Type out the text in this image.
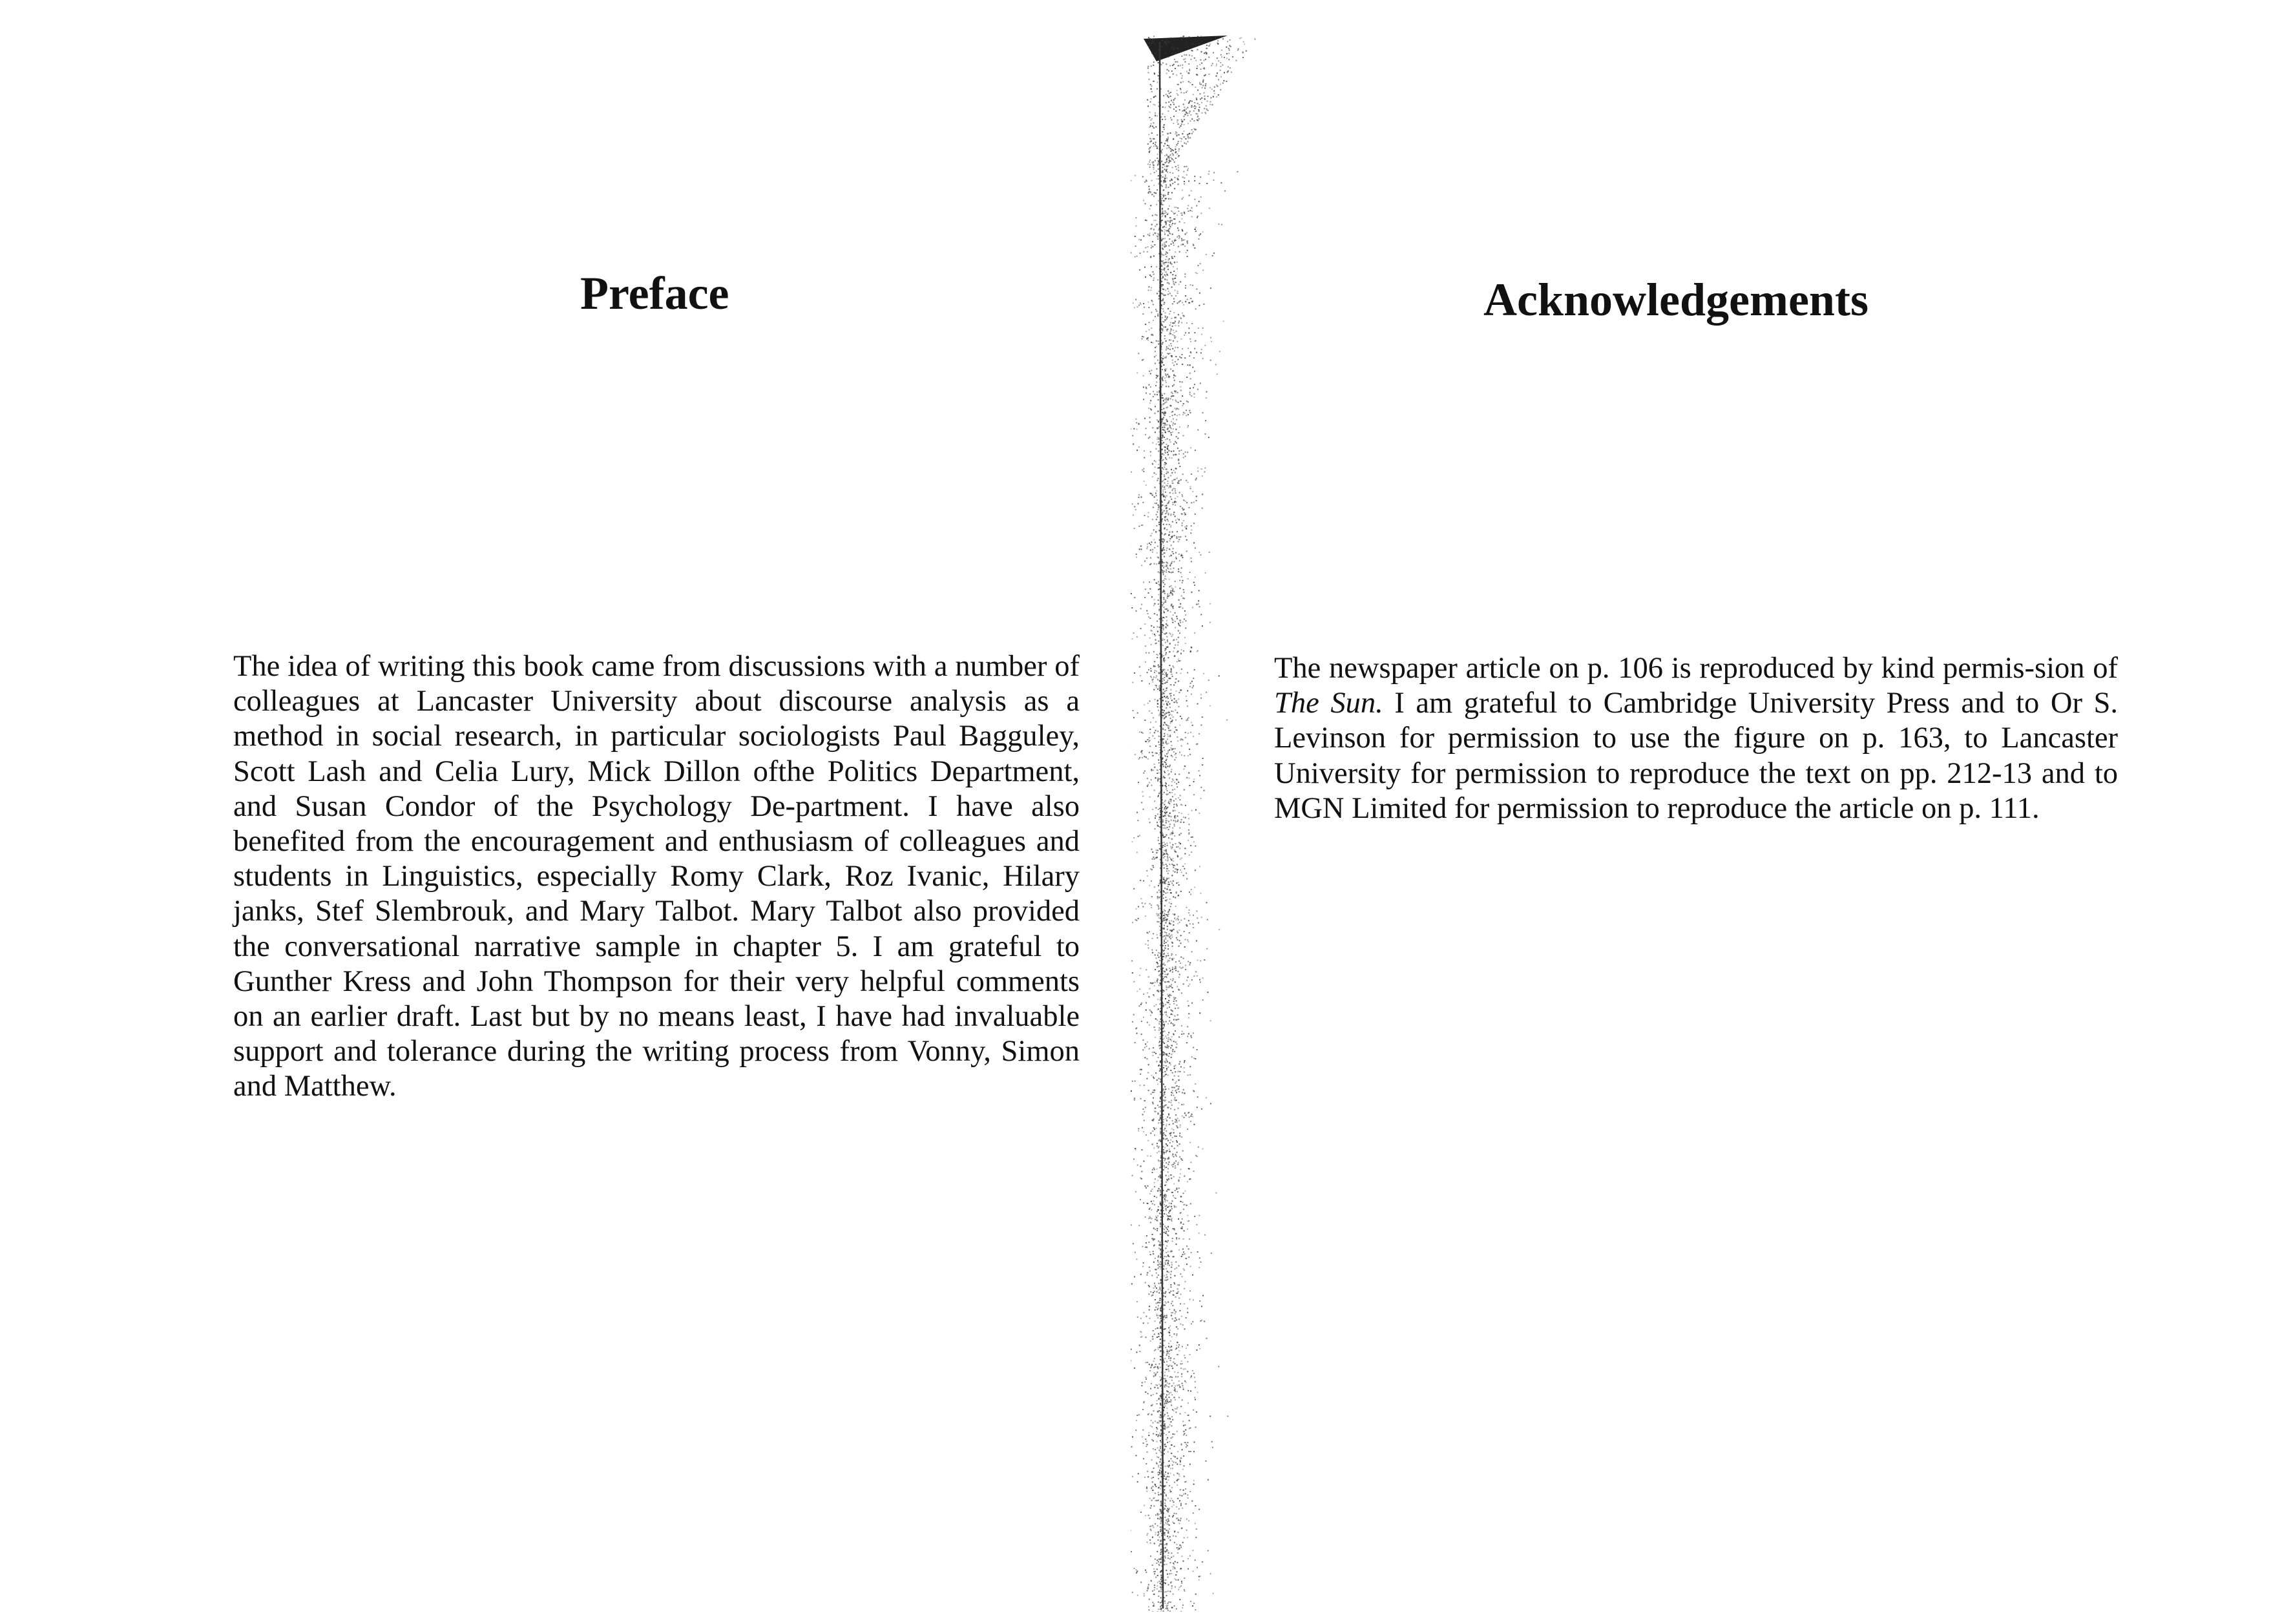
Preface
The idea of writing this book came from discussions with a number of colleagues at Lancaster University about discourse analysis as a method in social research, in particular sociologists Paul Bagguley, Scott Lash and Celia Lury, Mick Dillon ofthe Politics Department, and Susan Condor of the Psychology De-partment. I have also benefited from the encouragement and enthusiasm of colleagues and students in Linguistics, especially Romy Clark, Roz Ivanic, Hilary janks, Stef Slembrouk, and Mary Talbot. Mary Talbot also provided the conversational narrative sample in chapter 5. I am grateful to Gunther Kress and John Thompson for their very helpful comments on an earlier draft. Last but by no means least, I have had invaluable support and tolerance during the writing process from Vonny, Simon and Matthew.
Acknowledgements
The newspaper article on p. 106 is reproduced by kind permis-sion of The Sun. I am grateful to Cambridge University Press and to Or S. Levinson for permission to use the figure on p. 163, to Lancaster University for permission to reproduce the text on pp. 212-13 and to MGN Limited for permission to reproduce the article on p. 111.
